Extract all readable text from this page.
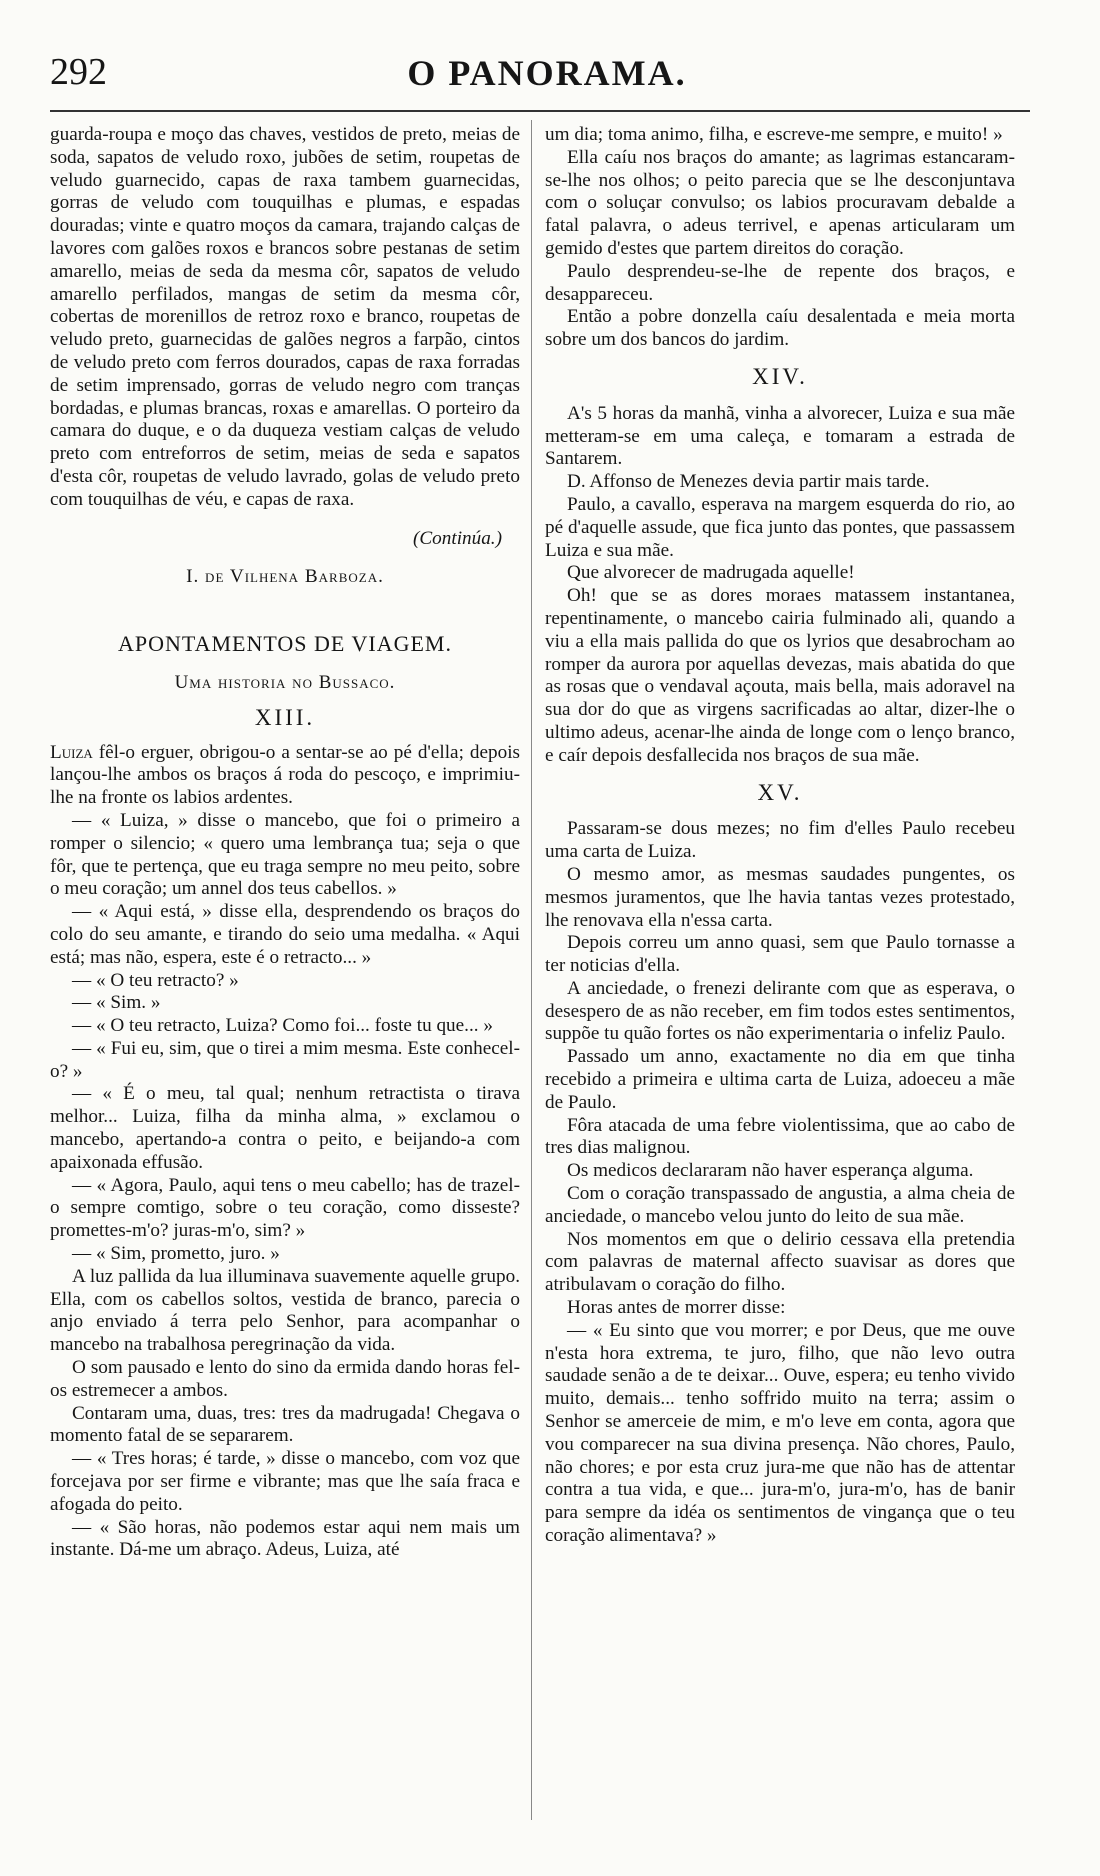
292	O PANORAMA.

guarda-roupa e moço das chaves, vestidos de preto, meias de soda, sapatos de veludo roxo, jubões de setim, roupetas de veludo guarnecido, capas de raxa tambem guarnecidas, gorras de veludo com touquilhas e plumas, e espadas douradas; vinte e quatro moços da camara, trajando calças de lavores com galões roxos e brancos sobre pestanas de setim amarello, meias de seda da mesma côr, sapatos de veludo amarello perfilados, mangas de setim da mesma côr, cobertas de morenillos de retroz roxo e branco, roupetas de veludo preto, guarnecidas de galões negros a farpão, cintos de veludo preto com ferros dourados, capas de raxa forradas de setim imprensado, gorras de veludo negro com tranças bordadas, e plumas brancas, roxas e amarellas. O porteiro da camara do duque, e o da duqueza vestiam calças de veludo preto com entreforros de setim, meias de seda e sapatos d'esta côr, roupetas de veludo lavrado, golas de veludo preto com touquilhas de véu, e capas de raxa.

(Continúa.)

I. de Vilhena Barboza.

APONTAMENTOS DE VIAGEM.
Uma historia no Bussaco.
XIII.

Luiza fêl-o erguer, obrigou-o a sentar-se ao pé d'ella; depois lançou-lhe ambos os braços á roda do pescoço, e imprimiu-lhe na fronte os labios ardentes.

— « Luiza, » disse o mancebo, que foi o primeiro a romper o silencio; « quero uma lembrança tua; seja o que fôr, que te pertença, que eu traga sempre no meu peito, sobre o meu coração; um annel dos teus cabellos. »

— « Aqui está, » disse ella, desprendendo os braços do colo do seu amante, e tirando do seio uma medalha. « Aqui está; mas não, espera, este é o retracto... »

— « O teu retracto? »

— « Sim. »

— « O teu retracto, Luiza? Como foi... foste tu que... »

— « Fui eu, sim, que o tirei a mim mesma. Este conhecel-o? »

— « É o meu, tal qual; nenhum retractista o tirava melhor... Luiza, filha da minha alma, » exclamou o mancebo, apertando-a contra o peito, e beijando-a com apaixonada effusão.

— « Agora, Paulo, aqui tens o meu cabello; has de trazel-o sempre comtigo, sobre o teu coração, como disseste? promettes-m'o? juras-m'o, sim? »

— « Sim, prometto, juro. »

A luz pallida da lua illuminava suavemente aquelle grupo. Ella, com os cabellos soltos, vestida de branco, parecia o anjo enviado á terra pelo Senhor, para acompanhar o mancebo na trabalhosa peregrinação da vida.

O som pausado e lento do sino da ermida dando horas fel-os estremecer a ambos.

Contaram uma, duas, tres: tres da madrugada! Chegava o momento fatal de se separarem.

— « Tres horas; é tarde, » disse o mancebo, com voz que forcejava por ser firme e vibrante; mas que lhe saía fraca e afogada do peito.

— « São horas, não podemos estar aqui nem mais um instante. Dá-me um abraço. Adeus, Luiza, até

um dia; toma animo, filha, e escreve-me sempre, e muito! »

Ella caíu nos braços do amante; as lagrimas estancaram-se-lhe nos olhos; o peito parecia que se lhe desconjuntava com o soluçar convulso; os labios procuravam debalde a fatal palavra, o adeus terrivel, e apenas articularam um gemido d'estes que partem direitos do coração.

Paulo desprendeu-se-lhe de repente dos braços, e desappareceu.

Então a pobre donzella caíu desalentada e meia morta sobre um dos bancos do jardim.

XIV.

A's 5 horas da manhã, vinha a alvorecer, Luiza e sua mãe metteram-se em uma caleça, e tomaram a estrada de Santarem.

D. Affonso de Menezes devia partir mais tarde.

Paulo, a cavallo, esperava na margem esquerda do rio, ao pé d'aquelle assude, que fica junto das pontes, que passassem Luiza e sua mãe.

Que alvorecer de madrugada aquelle!

Oh! que se as dores moraes matassem instantanea, repentinamente, o mancebo cairia fulminado ali, quando a viu a ella mais pallida do que os lyrios que desabrocham ao romper da aurora por aquellas devezas, mais abatida do que as rosas que o vendaval açouta, mais bella, mais adoravel na sua dor do que as virgens sacrificadas ao altar, dizer-lhe o ultimo adeus, acenar-lhe ainda de longe com o lenço branco, e caír depois desfallecida nos braços de sua mãe.

XV.

Passaram-se dous mezes; no fim d'elles Paulo recebeu uma carta de Luiza.

O mesmo amor, as mesmas saudades pungentes, os mesmos juramentos, que lhe havia tantas vezes protestado, lhe renovava ella n'essa carta.

Depois correu um anno quasi, sem que Paulo tornasse a ter noticias d'ella.

A anciedade, o frenezi delirante com que as esperava, o desespero de as não receber, em fim todos estes sentimentos, suppõe tu quão fortes os não experimentaria o infeliz Paulo.

Passado um anno, exactamente no dia em que tinha recebido a primeira e ultima carta de Luiza, adoeceu a mãe de Paulo.

Fôra atacada de uma febre violentissima, que ao cabo de tres dias malignou.

Os medicos declararam não haver esperança alguma.

Com o coração transpassado de angustia, a alma cheia de anciedade, o mancebo velou junto do leito de sua mãe.

Nos momentos em que o delirio cessava ella pretendia com palavras de maternal affecto suavisar as dores que atribulavam o coração do filho.

Horas antes de morrer disse:

— « Eu sinto que vou morrer; e por Deus, que me ouve n'esta hora extrema, te juro, filho, que não levo outra saudade senão a de te deixar... Ouve, espera; eu tenho vivido muito, demais... tenho soffrido muito na terra; assim o Senhor se amerceie de mim, e m'o leve em conta, agora que vou comparecer na sua divina presença. Não chores, Paulo, não chores; e por esta cruz jura-me que não has de attentar contra a tua vida, e que... jura-m'o, jura-m'o, has de banir para sempre da idéa os sentimentos de vingança que o teu coração alimentava? »
